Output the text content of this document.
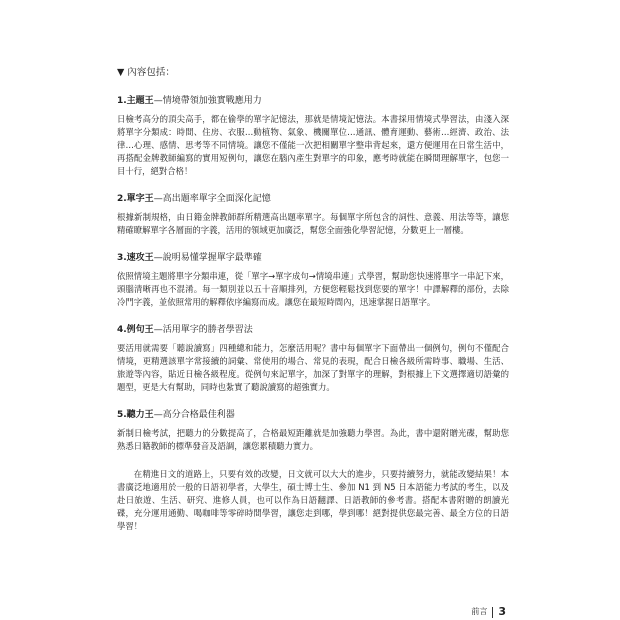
▼ 內容包括：
1.主題王—情境帶領加強實戰應用力

日檢考高分的頂尖高手，都在偷學的單字記憶法，那就是情境記憶法。本書採用情境式學習法，由淺入深將單字分類成：時間、住房、衣服…動植物、氣象、機關單位…通訊、體育運動、藝術…經濟、政治、法律…心理、感情、思考等不同情境。讓您不僅能一次把相關單字整串背起來，還方便運用在日常生活中，再搭配金牌教師編寫的實用短例句，讓您在腦內產生對單字的印象，應考時就能在瞬間理解單字，包您一目十行，絕對合格！

2.單字王—高出題率單字全面深化記憶

根據新制規格，由日籍金牌教師群所精選高出題率單字。每個單字所包含的詞性、意義、用法等等，讓您精確瞭解單字各層面的字義，活用的領域更加廣泛，幫您全面強化學習記憶，分數更上一層樓。

3.速攻王—說明易懂掌握單字最準確

依照情境主題將單字分類串連，從「單字→單字成句→情境串連」式學習，幫助您快速將單字一串記下來，頭腦清晰再也不混淆。每一類別並以五十音順排列，方便您輕鬆找到您要的單字！中譯解釋的部份，去除冷門字義，並依照常用的解釋依序編寫而成。讓您在最短時間內，迅速掌握日語單字。

4.例句王—活用單字的勝者學習法

要活用就需要「聽說讀寫」四種總和能力，怎麼活用呢？書中每個單字下面帶出一個例句，例句不僅配合情境，更精選該單字常接續的詞彙、常使用的場合、常見的表現，配合日檢各級所需時事、職場、生活、旅遊等內容，貼近日檢各級程度。從例句來記單字，加深了對單字的理解，對根據上下文選擇適切語彙的題型，更是大有幫助，同時也紮實了聽說讀寫的超強實力。

5.聽力王—高分合格最佳利器

新制日檢考試，把聽力的分數提高了，合格最短距離就是加強聽力學習。為此，書中還附贈光碟，幫助您熟悉日籍教師的標準發音及語調，讓您累積聽力實力。

在精進日文的道路上，只要有效的改變，日文就可以大大的進步，只要持續努力，就能改變結果！本書廣泛地適用於一般的日語初學者，大學生，碩士博士生、參加 N1 到 N5 日本語能力考試的考生，以及赴日旅遊、生活、研究、進修人員，也可以作為日語翻譯、日語教師的參考書。搭配本書附贈的朗讀光碟，充分運用通勤、喝咖啡等零碎時間學習，讓您走到哪，學到哪！絕對提供您最完善、最全方位的日語學習！

前言 3
